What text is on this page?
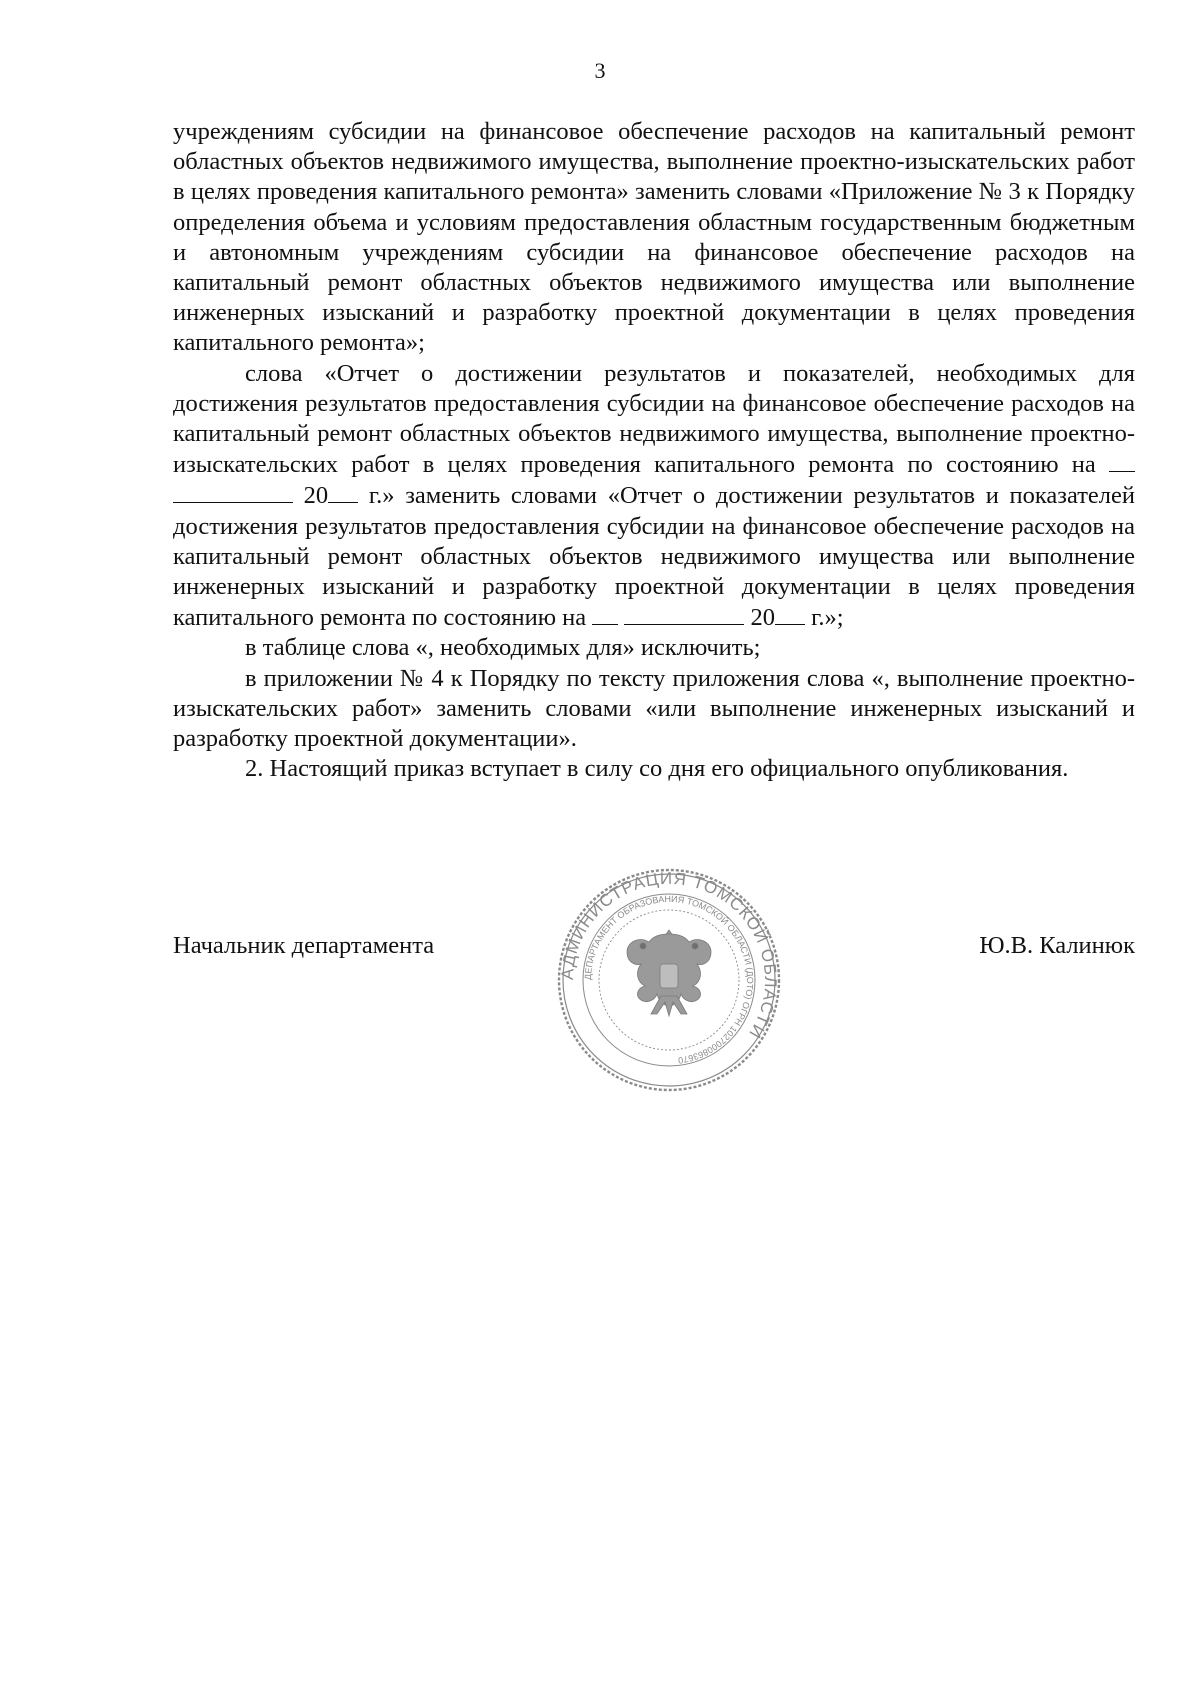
3

учреждениям субсидии на финансовое обеспечение расходов на капитальный ремонт областных объектов недвижимого имущества, выполнение проектно-изыскательских работ в целях проведения капитального ремонта» заменить словами «Приложение № 3 к Порядку определения объема и условиям предоставления областным государственным бюджетным и автономным учреждениям субсидии на финансовое обеспечение расходов на капитальный ремонт областных объектов недвижимого имущества или выполнение инженерных изысканий и разработку проектной документации в целях проведения капитального ремонта»;

слова «Отчет о достижении результатов и показателей, необходимых для достижения результатов предоставления субсидии на финансовое обеспечение расходов на капитальный ремонт областных объектов недвижимого имущества, выполнение проектно-изыскательских работ в целях проведения капитального ремонта по состоянию на   20 г.» заменить словами «Отчет о достижении результатов и показателей достижения результатов предоставления субсидии на финансовое обеспечение расходов на капитальный ремонт областных объектов недвижимого имущества или выполнение инженерных изысканий и разработку проектной документации в целях проведения капитального ремонта по состоянию на	20 г.»;

в таблице слова «, необходимых для» исключить;

в приложении № 4 к Порядку по тексту приложения слова «, выполнение проектно-изыскательских работ» заменить словами «или выполнение инженерных изысканий и разработку проектной документации».

2. Настоящий приказ вступает в силу со дня его официального опубликования.

Начальник департамента	Ю.В. Калинюк
АДМИНИСТРАЦИЯ ТОМСКОЙ ОБЛАСТИ
ДЕПАРТАМЕНТ ОБРАЗОВАНИЯ ТОМСКОЙ ОБЛАСТИ (ДОТО) ОГРН 1027000863670
